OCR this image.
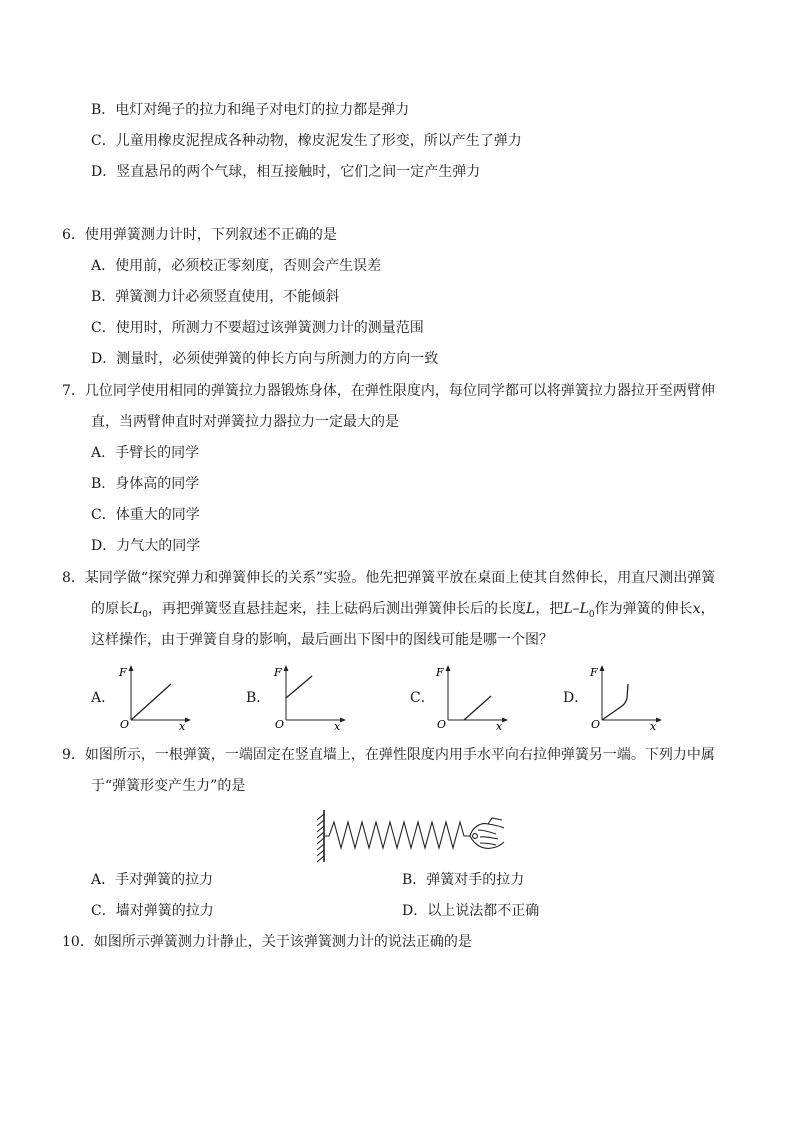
B．电灯对绳子的拉力和绳子对电灯的拉力都是弹力
C．儿童用橡皮泥捏成各种动物，橡皮泥发生了形变，所以产生了弹力
D．竖直悬吊的两个气球，相互接触时，它们之间一定产生弹力
6．使用弹簧测力计时，下列叙述不正确的是
A．使用前，必须校正零刻度，否则会产生误差
B．弹簧测力计必须竖直使用，不能倾斜
C．使用时，所测力不要超过该弹簧测力计的测量范围
D．测量时，必须使弹簧的伸长方向与所测力的方向一致
7．几位同学使用相同的弹簧拉力器锻炼身体，在弹性限度内，每位同学都可以将弹簧拉力器拉开至两臂伸
直，当两臂伸直时对弹簧拉力器拉力一定最大的是
A．手臂长的同学
B．身体高的同学
C．体重大的同学
D．力气大的同学
8．某同学做“探究弹力和弹簧伸长的关系”实验。他先把弹簧平放在桌面上使其自然伸长，用直尺测出弹簧
的原长$L_0$，再把弹簧竖直悬挂起来，挂上砝码后测出弹簧伸长后的长度L，把$L-L_0$作为弹簧的伸长x，
这样操作，由于弹簧自身的影响，最后画出下图中的图线可能是哪一个图？
A．	B．	C．	D．
F
O	x
F
O	x
F
O	x
F
O	x
9．如图所示，一根弹簧，一端固定在竖直墙上，在弹性限度内用手水平向右拉伸弹簧另一端。下列力中属
于“弹簧形变产生力”的是
A．手对弹簧的拉力	B．弹簧对手的拉力
C．墙对弹簧的拉力	D．以上说法都不正确
10．如图所示弹簧测力计静止，关于该弹簧测力计的说法正确的是
